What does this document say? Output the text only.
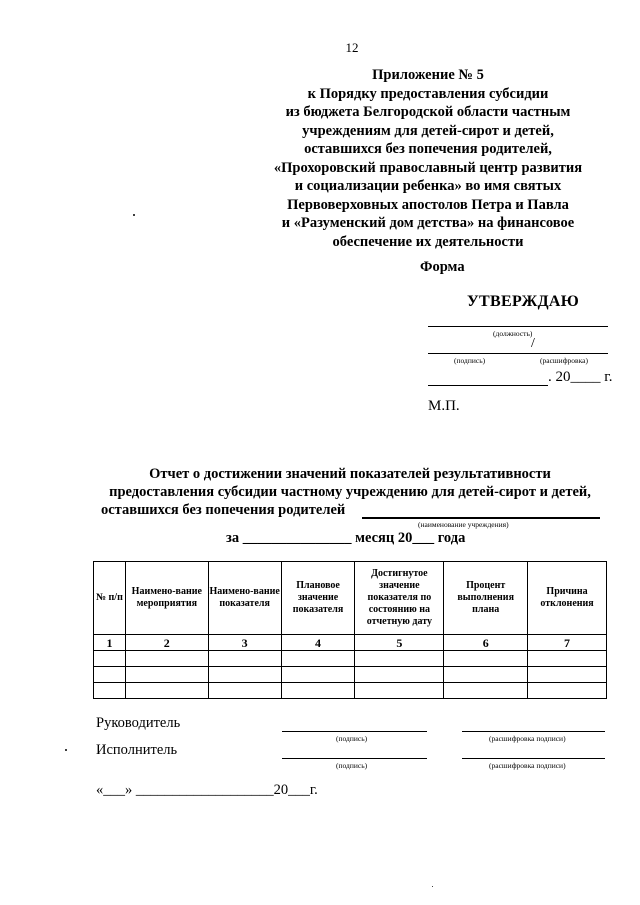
12
Приложение № 5
к Порядку предоставления субсидии
из бюджета Белгородской области частным
учреждениям для детей-сирот и детей,
оставшихся без попечения родителей,
«Прохоровский православный центр развития
и социализации ребенка» во имя святых
Первоверховных апостолов Петра и Павла
и «Разуменский дом детства» на финансовое
обеспечение их деятельности
Форма
УТВЕРЖДАЮ
(должность)
/
(подпись)	(расшифровка)
. 20____ г.
М.П.
Отчет о достижении значений показателей результативности
предоставления субсидии частному учреждению для детей-сирот и детей,
оставшихся без попечения родителей
(наименование учреждения)
за _______________ месяц 20___ года
№ п/п	Наимено-вание мероприятия	Наимено-вание показателя	Плановое значение показателя	Достигнутое значение показателя по состоянию на отчетную дату	Процент выполнения плана	Причина отклонения
1	2	3	4	5	6	7

Руководитель
(подпись)	(расшифровка подписи)
Исполнитель
(подпись)	(расшифровка подписи)
«___» ___________________20___г.
